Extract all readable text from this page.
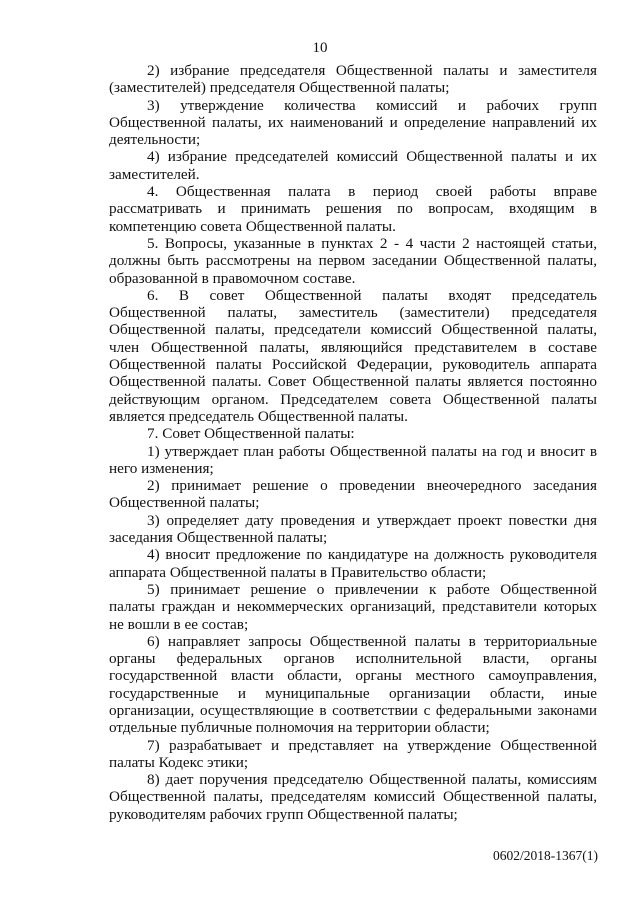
10

2) избрание председателя Общественной палаты и заместителя (заместителей) председателя Общественной палаты;

3) утверждение количества комиссий и рабочих групп Общественной палаты, их наименований и определение направлений их деятельности;

4) избрание председателей комиссий Общественной палаты и их заместителей.

4. Общественная палата в период своей работы вправе рассматривать и принимать решения по вопросам, входящим в компетенцию совета Общественной палаты.

5. Вопросы, указанные в пунктах 2 - 4 части 2 настоящей статьи, должны быть рассмотрены на первом заседании Общественной палаты, образованной в правомочном составе.

6. В совет Общественной палаты входят председатель Общественной палаты, заместитель (заместители) председателя Общественной палаты, председатели комиссий Общественной палаты, член Общественной палаты, являющийся представителем в составе Общественной палаты Российской Федерации, руководитель аппарата Общественной палаты. Совет Общественной палаты является постоянно действующим органом. Председателем совета Общественной палаты является председатель Общественной палаты.

7. Совет Общественной палаты:

1) утверждает план работы Общественной палаты на год и вносит в него изменения;

2) принимает решение о проведении внеочередного заседания Общественной палаты;

3) определяет дату проведения и утверждает проект повестки дня заседания Общественной палаты;

4) вносит предложение по кандидатуре на должность руководителя аппарата Общественной палаты в Правительство области;

5) принимает решение о привлечении к работе Общественной палаты граждан и некоммерческих организаций, представители которых не вошли в ее состав;

6) направляет запросы Общественной палаты в территориальные органы федеральных органов исполнительной власти, органы государственной власти области, органы местного самоуправления, государственные и муниципальные организации области, иные организации, осуществляющие в соответствии с федеральными законами отдельные публичные полномочия на территории области;

7) разрабатывает и представляет на утверждение Общественной палаты Кодекс этики;

8) дает поручения председателю Общественной палаты, комиссиям Общественной палаты, председателям комиссий Общественной палаты, руководителям рабочих групп Общественной палаты;

0602/2018-1367(1)
